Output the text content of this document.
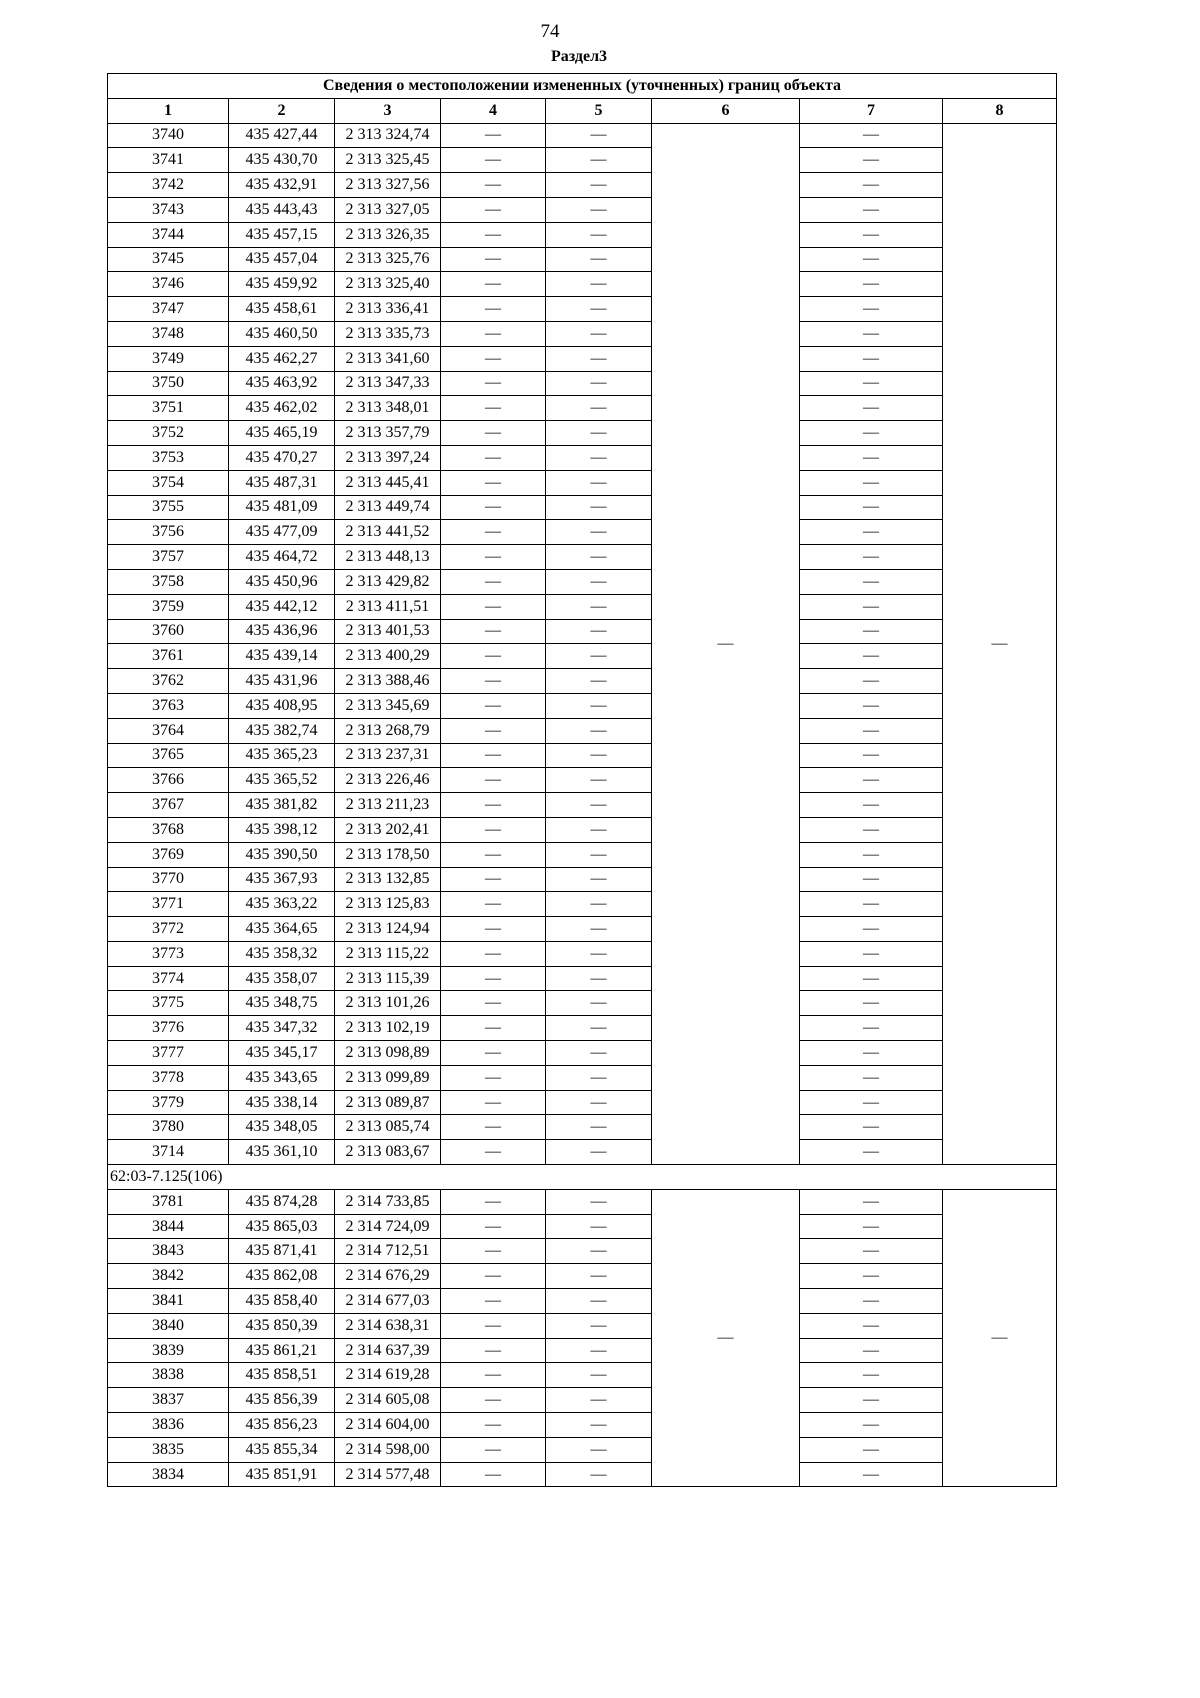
74
Раздел3
Сведения о местоположении измененных (уточненных) границ объекта							
1	2	3	4	5	6	7	8
3740	435 427,44	2 313 324,74	—	—	—	—	—
3741	435 430,70	2 313 325,45	—	—		—	
3742	435 432,91	2 313 327,56	—	—		—	
3743	435 443,43	2 313 327,05	—	—		—	
3744	435 457,15	2 313 326,35	—	—		—	
3745	435 457,04	2 313 325,76	—	—		—	
3746	435 459,92	2 313 325,40	—	—		—	
3747	435 458,61	2 313 336,41	—	—		—	
3748	435 460,50	2 313 335,73	—	—		—	
3749	435 462,27	2 313 341,60	—	—		—	
3750	435 463,92	2 313 347,33	—	—		—	
3751	435 462,02	2 313 348,01	—	—		—	
3752	435 465,19	2 313 357,79	—	—		—	
3753	435 470,27	2 313 397,24	—	—		—	
3754	435 487,31	2 313 445,41	—	—		—	
3755	435 481,09	2 313 449,74	—	—		—	
3756	435 477,09	2 313 441,52	—	—		—	
3757	435 464,72	2 313 448,13	—	—		—	
3758	435 450,96	2 313 429,82	—	—		—	
3759	435 442,12	2 313 411,51	—	—		—	
3760	435 436,96	2 313 401,53	—	—		—	
3761	435 439,14	2 313 400,29	—	—		—	
3762	435 431,96	2 313 388,46	—	—		—	
3763	435 408,95	2 313 345,69	—	—		—	
3764	435 382,74	2 313 268,79	—	—		—	
3765	435 365,23	2 313 237,31	—	—		—	
3766	435 365,52	2 313 226,46	—	—		—	
3767	435 381,82	2 313 211,23	—	—		—	
3768	435 398,12	2 313 202,41	—	—		—	
3769	435 390,50	2 313 178,50	—	—		—	
3770	435 367,93	2 313 132,85	—	—		—	
3771	435 363,22	2 313 125,83	—	—		—	
3772	435 364,65	2 313 124,94	—	—		—	
3773	435 358,32	2 313 115,22	—	—		—	
3774	435 358,07	2 313 115,39	—	—		—	
3775	435 348,75	2 313 101,26	—	—		—	
3776	435 347,32	2 313 102,19	—	—		—	
3777	435 345,17	2 313 098,89	—	—		—	
3778	435 343,65	2 313 099,89	—	—		—	
3779	435 338,14	2 313 089,87	—	—		—	
3780	435 348,05	2 313 085,74	—	—		—	
3714	435 361,10	2 313 083,67	—	—		—	
62:03-7.125(106)							
3781	435 874,28	2 314 733,85	—	—	—	—	—
3844	435 865,03	2 314 724,09	—	—		—	
3843	435 871,41	2 314 712,51	—	—		—	
3842	435 862,08	2 314 676,29	—	—		—	
3841	435 858,40	2 314 677,03	—	—		—	
3840	435 850,39	2 314 638,31	—	—		—	
3839	435 861,21	2 314 637,39	—	—		—	
3838	435 858,51	2 314 619,28	—	—		—	
3837	435 856,39	2 314 605,08	—	—		—	
3836	435 856,23	2 314 604,00	—	—		—	
3835	435 855,34	2 314 598,00	—	—		—	
3834	435 851,91	2 314 577,48	—	—		—	
